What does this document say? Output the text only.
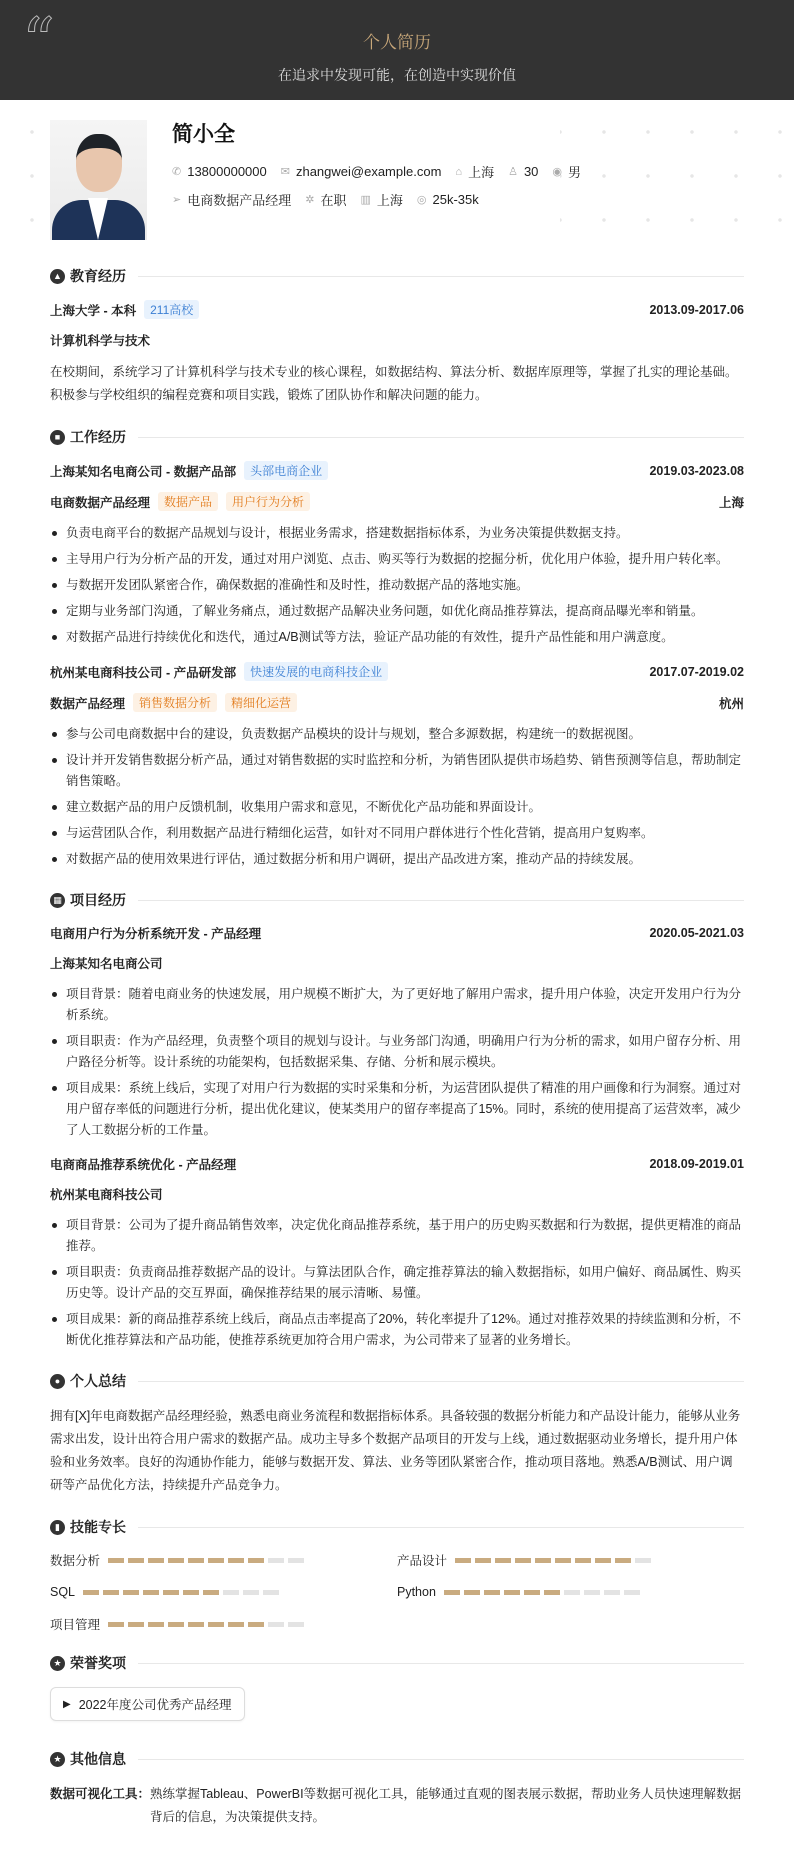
“	个人简历
在追求中发现可能，在创造中实现价值
简小全
✆ 13800000000 ✉ zhangwei@example.com ⌂ 上海 ♙ 30 ◉ 男
➢ 电商数据产品经理 ✲ 在职 ▥ 上海 ◎ 25k-35k
▲ 教育经历
上海大学 - 本科	211高校	2013.09-2017.06
计算机科学与技术
在校期间，系统学习了计算机科学与技术专业的核心课程，如数据结构、算法分析、数据库原理等，掌握了扎实的理论基础。积极参与学校组织的编程竞赛和项目实践，锻炼了团队协作和解决问题的能力。
■ 工作经历
上海某知名电商公司 - 数据产品部	头部电商企业	2019.03-2023.08
电商数据产品经理	数据产品	用户行为分析	上海
负责电商平台的数据产品规划与设计，根据业务需求，搭建数据指标体系，为业务决策提供数据支持。
主导用户行为分析产品的开发，通过对用户浏览、点击、购买等行为数据的挖掘分析，优化用户体验，提升用户转化率。
与数据开发团队紧密合作，确保数据的准确性和及时性，推动数据产品的落地实施。
定期与业务部门沟通，了解业务痛点，通过数据产品解决业务问题，如优化商品推荐算法，提高商品曝光率和销量。
对数据产品进行持续优化和迭代，通过A/B测试等方法，验证产品功能的有效性，提升产品性能和用户满意度。
杭州某电商科技公司 - 产品研发部	快速发展的电商科技企业	2017.07-2019.02
数据产品经理	销售数据分析	精细化运营	杭州
参与公司电商数据中台的建设，负责数据产品模块的设计与规划，整合多源数据，构建统一的数据视图。
设计并开发销售数据分析产品，通过对销售数据的实时监控和分析，为销售团队提供市场趋势、销售预测等信息，帮助制定销售策略。
建立数据产品的用户反馈机制，收集用户需求和意见，不断优化产品功能和界面设计。
与运营团队合作，利用数据产品进行精细化运营，如针对不同用户群体进行个性化营销，提高用户复购率。
对数据产品的使用效果进行评估，通过数据分析和用户调研，提出产品改进方案，推动产品的持续发展。
▦ 项目经历
电商用户行为分析系统开发 - 产品经理	2020.05-2021.03
上海某知名电商公司
项目背景：随着电商业务的快速发展，用户规模不断扩大，为了更好地了解用户需求，提升用户体验，决定开发用户行为分析系统。
项目职责：作为产品经理，负责整个项目的规划与设计。与业务部门沟通，明确用户行为分析的需求，如用户留存分析、用户路径分析等。设计系统的功能架构，包括数据采集、存储、分析和展示模块。
项目成果：系统上线后，实现了对用户行为数据的实时采集和分析，为运营团队提供了精准的用户画像和行为洞察。通过对用户留存率低的问题进行分析，提出优化建议，使某类用户的留存率提高了15%。同时，系统的使用提高了运营效率，减少了人工数据分析的工作量。
电商商品推荐系统优化 - 产品经理	2018.09-2019.01
杭州某电商科技公司
项目背景：公司为了提升商品销售效率，决定优化商品推荐系统，基于用户的历史购买数据和行为数据，提供更精准的商品推荐。
项目职责：负责商品推荐数据产品的设计。与算法团队合作，确定推荐算法的输入数据指标，如用户偏好、商品属性、购买历史等。设计产品的交互界面，确保推荐结果的展示清晰、易懂。
项目成果：新的商品推荐系统上线后，商品点击率提高了20%，转化率提升了12%。通过对推荐效果的持续监测和分析，不断优化推荐算法和产品功能，使推荐系统更加符合用户需求，为公司带来了显著的业务增长。
● 个人总结
拥有[X]年电商数据产品经理经验，熟悉电商业务流程和数据指标体系。具备较强的数据分析能力和产品设计能力，能够从业务需求出发，设计出符合用户需求的数据产品。成功主导多个数据产品项目的开发与上线，通过数据驱动业务增长，提升用户体验和业务效率。良好的沟通协作能力，能够与数据开发、算法、业务等团队紧密合作，推动项目落地。熟悉A/B测试、用户调研等产品优化方法，持续提升产品竞争力。
▮ 技能专长
数据分析	产品设计
SQL	Python
项目管理
★ 荣誉奖项
▶ 2022年度公司优秀产品经理
★ 其他信息
数据可视化工具： 熟练掌握Tableau、PowerBI等数据可视化工具，能够通过直观的图表展示数据，帮助业务人员快速理解数据背后的信息，为决策提供支持。
